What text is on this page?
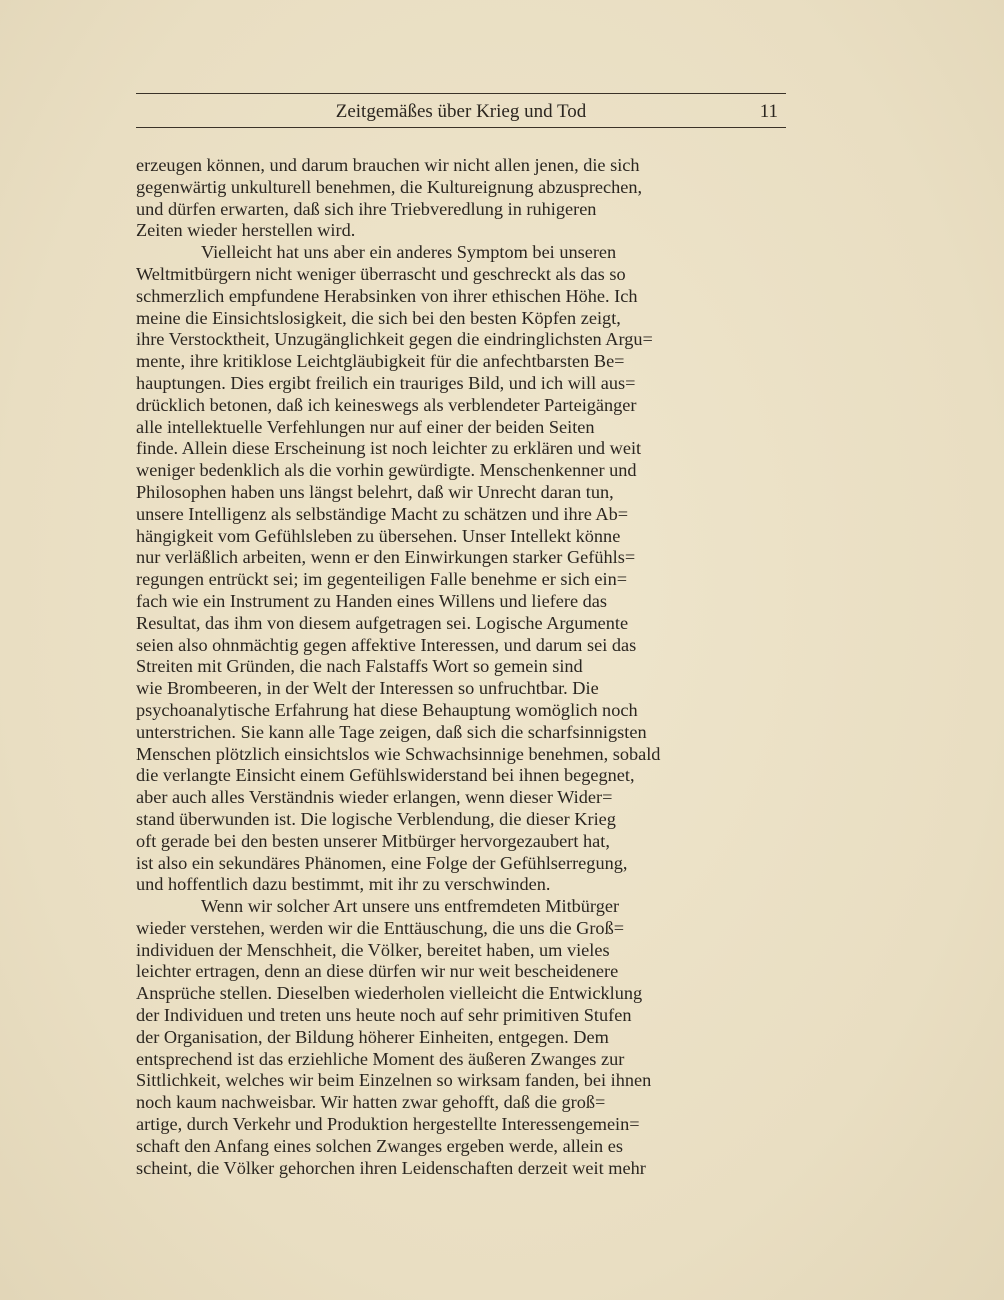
Zeitgemäßes über Krieg und Tod	11
erzeugen können, und darum brauchen wir nicht allen jenen, die sich
gegenwärtig unkulturell benehmen, die Kultureignung abzusprechen,
und dürfen erwarten, daß sich ihre Triebveredlung in ruhigeren
Zeiten wieder herstellen wird.
Vielleicht hat uns aber ein anderes Symptom bei unseren
Weltmitbürgern nicht weniger überrascht und geschreckt als das so
schmerzlich empfundene Herabsinken von ihrer ethischen Höhe. Ich
meine die Einsichtslosigkeit, die sich bei den besten Köpfen zeigt,
ihre Verstocktheit, Unzugänglichkeit gegen die eindringlichsten Argu=
mente, ihre kritiklose Leichtgläubigkeit für die anfechtbarsten Be=
hauptungen. Dies ergibt freilich ein trauriges Bild, und ich will aus=
drücklich betonen, daß ich keineswegs als verblendeter Parteigänger
alle intellektuelle Verfehlungen nur auf einer der beiden Seiten
finde. Allein diese Erscheinung ist noch leichter zu erklären und weit
weniger bedenklich als die vorhin gewürdigte. Menschenkenner und
Philosophen haben uns längst belehrt, daß wir Unrecht daran tun,
unsere Intelligenz als selbständige Macht zu schätzen und ihre Ab=
hängigkeit vom Gefühlsleben zu übersehen. Unser Intellekt könne
nur verläßlich arbeiten, wenn er den Einwirkungen starker Gefühls=
regungen entrückt sei; im gegenteiligen Falle benehme er sich ein=
fach wie ein Instrument zu Handen eines Willens und liefere das
Resultat, das ihm von diesem aufgetragen sei. Logische Argumente
seien also ohnmächtig gegen affektive Interessen, und darum sei das
Streiten mit Gründen, die nach Falstaffs Wort so gemein sind
wie Brombeeren, in der Welt der Interessen so unfruchtbar. Die
psychoanalytische Erfahrung hat diese Behauptung womöglich noch
unterstrichen. Sie kann alle Tage zeigen, daß sich die scharfsinnigsten
Menschen plötzlich einsichtslos wie Schwachsinnige benehmen, sobald
die verlangte Einsicht einem Gefühlswiderstand bei ihnen begegnet,
aber auch alles Verständnis wieder erlangen, wenn dieser Wider=
stand überwunden ist. Die logische Verblendung, die dieser Krieg
oft gerade bei den besten unserer Mitbürger hervorgezaubert hat,
ist also ein sekundäres Phänomen, eine Folge der Gefühlserregung,
und hoffentlich dazu bestimmt, mit ihr zu verschwinden.
Wenn wir solcher Art unsere uns entfremdeten Mitbürger
wieder verstehen, werden wir die Enttäuschung, die uns die Groß=
individuen der Menschheit, die Völker, bereitet haben, um vieles
leichter ertragen, denn an diese dürfen wir nur weit bescheidenere
Ansprüche stellen. Dieselben wiederholen vielleicht die Entwicklung
der Individuen und treten uns heute noch auf sehr primitiven Stufen
der Organisation, der Bildung höherer Einheiten, entgegen. Dem
entsprechend ist das erziehliche Moment des äußeren Zwanges zur
Sittlichkeit, welches wir beim Einzelnen so wirksam fanden, bei ihnen
noch kaum nachweisbar. Wir hatten zwar gehofft, daß die groß=
artige, durch Verkehr und Produktion hergestellte Interessengemein=
schaft den Anfang eines solchen Zwanges ergeben werde, allein es
scheint, die Völker gehorchen ihren Leidenschaften derzeit weit mehr
